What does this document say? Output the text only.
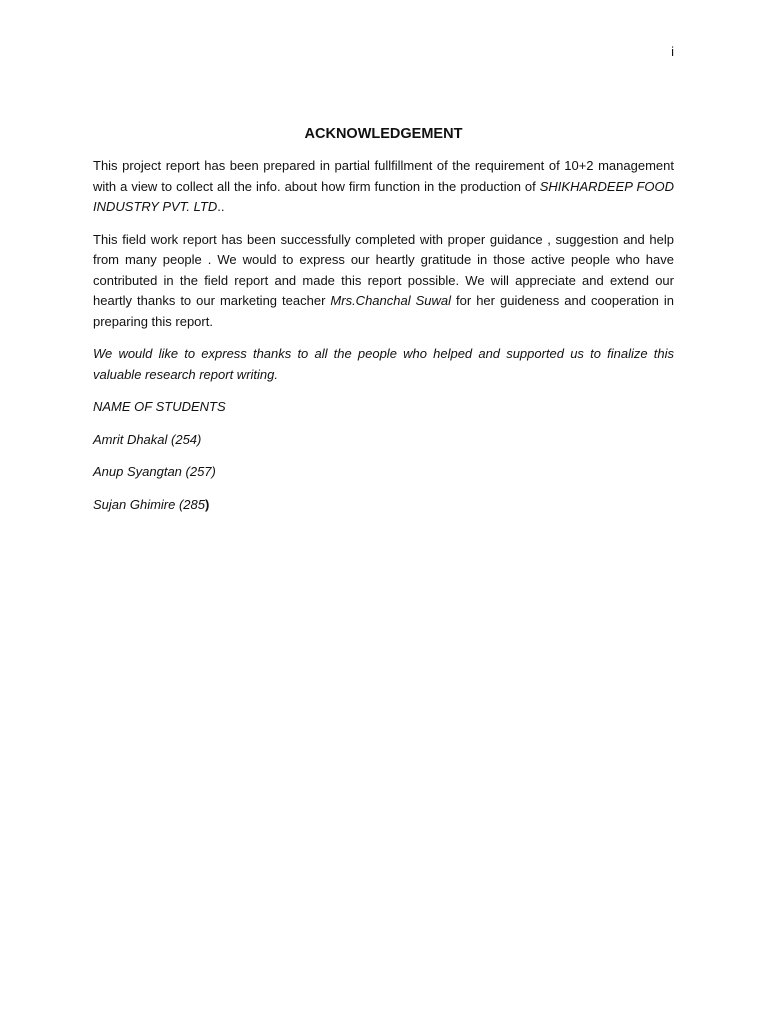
i
ACKNOWLEDGEMENT

This project report has been prepared in partial fullfillment of the requirement of 10+2 management with a view to collect all the info. about how firm function in the production of SHIKHARDEEP FOOD INDUSTRY PVT. LTD..

This field work report has been successfully completed with proper guidance , suggestion and help from many people . We would to express our heartly gratitude in those active people who have contributed in the field report and made this report possible. We will appreciate and extend our heartly thanks to our marketing teacher Mrs.Chanchal Suwal for her guideness and cooperation in preparing this report.

We would like to express thanks to all the people who helped and supported us to finalize this valuable research report writing.

NAME OF STUDENTS

Amrit Dhakal (254)

Anup Syangtan (257)

Sujan Ghimire (285)
